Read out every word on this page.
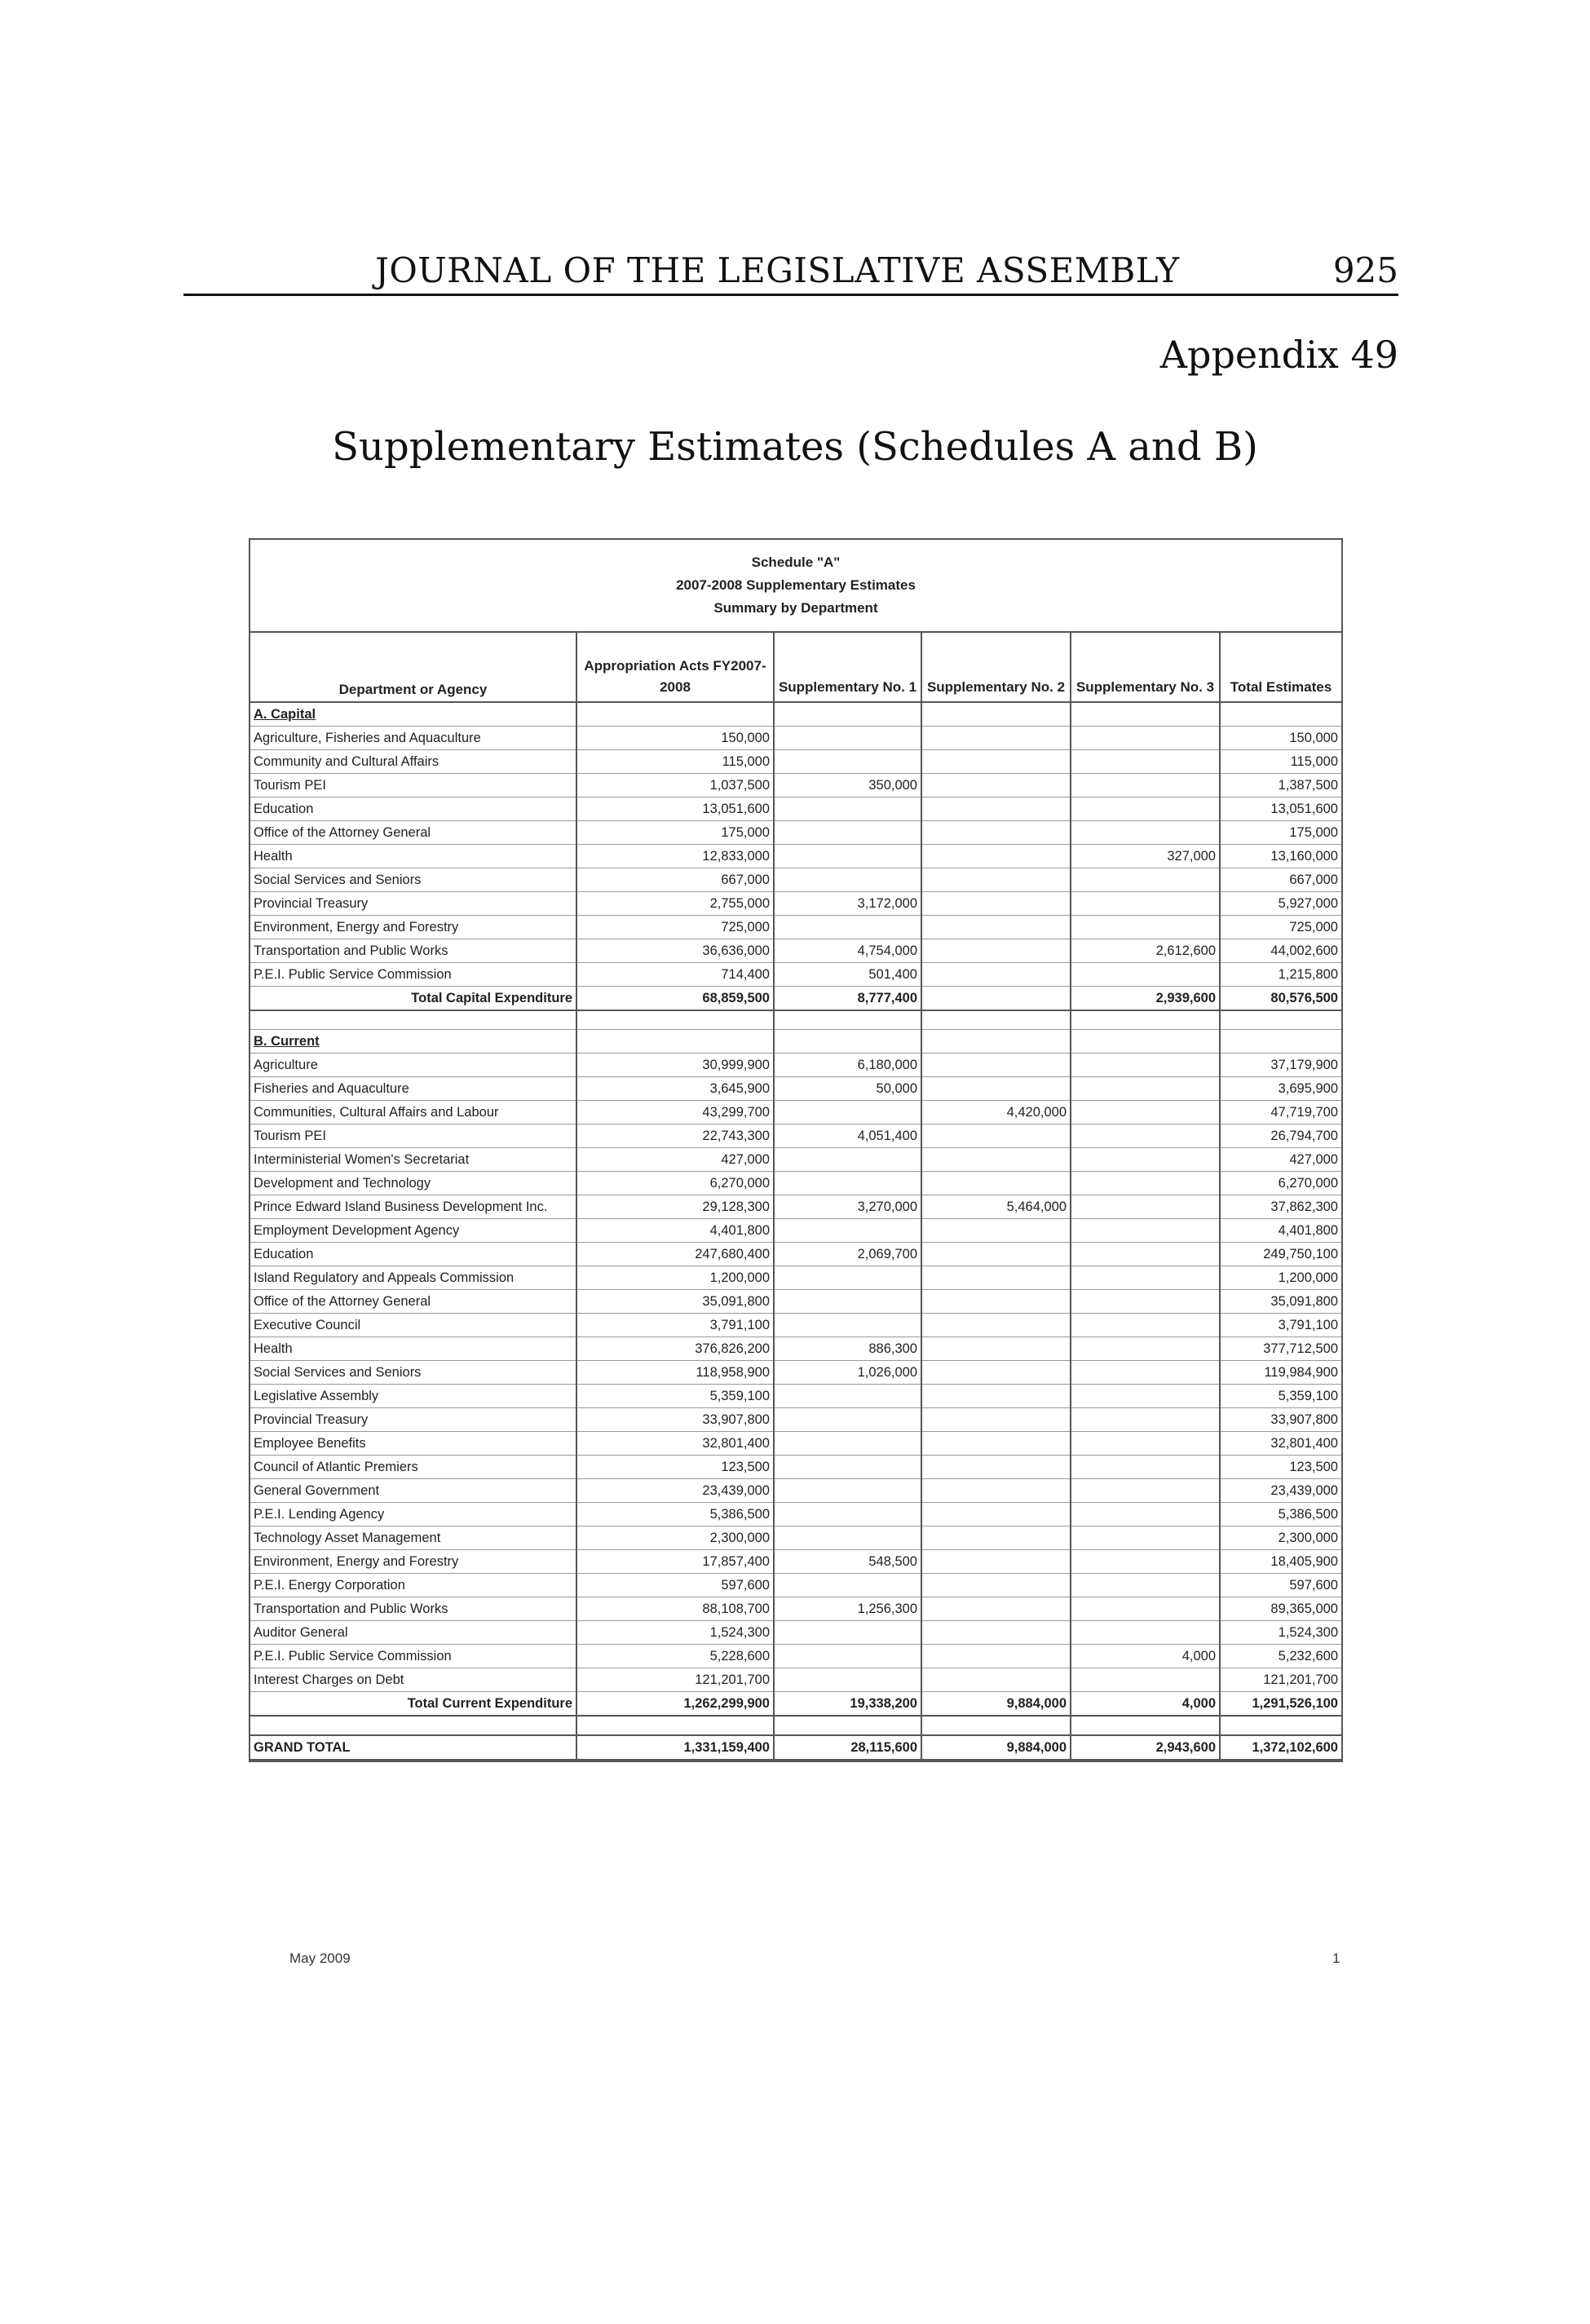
JOURNAL OF THE LEGISLATIVE ASSEMBLY	925
Appendix 49
Supplementary Estimates (Schedules A and B)
Schedule "A"
2007-2008 Supplementary Estimates
Summary by Department
Department or Agency	Appropriation Acts FY2007-2008	Supplementary No. 1	Supplementary No. 2	Supplementary No. 3	Total Estimates
A. Capital					
Agriculture, Fisheries and Aquaculture	150,000				150,000
Community and Cultural Affairs	115,000				115,000
Tourism PEI	1,037,500	350,000			1,387,500
Education	13,051,600				13,051,600
Office of the Attorney General	175,000				175,000
Health	12,833,000			327,000	13,160,000
Social Services and Seniors	667,000				667,000
Provincial Treasury	2,755,000	3,172,000			5,927,000
Environment, Energy and Forestry	725,000				725,000
Transportation and Public Works	36,636,000	4,754,000		2,612,600	44,002,600
P.E.I. Public Service Commission	714,400	501,400			1,215,800
Total Capital Expenditure	68,859,500	8,777,400		2,939,600	80,576,500

B. Current					
Agriculture	30,999,900	6,180,000			37,179,900
Fisheries and Aquaculture	3,645,900	50,000			3,695,900
Communities, Cultural Affairs and Labour	43,299,700		4,420,000		47,719,700
Tourism PEI	22,743,300	4,051,400			26,794,700
Interministerial Women's Secretariat	427,000				427,000
Development and Technology	6,270,000				6,270,000
Prince Edward Island Business Development Inc.	29,128,300	3,270,000	5,464,000		37,862,300
Employment Development Agency	4,401,800				4,401,800
Education	247,680,400	2,069,700			249,750,100
Island Regulatory and Appeals Commission	1,200,000				1,200,000
Office of the Attorney General	35,091,800				35,091,800
Executive Council	3,791,100				3,791,100
Health	376,826,200	886,300			377,712,500
Social Services and Seniors	118,958,900	1,026,000			119,984,900
Legislative Assembly	5,359,100				5,359,100
Provincial Treasury	33,907,800				33,907,800
Employee Benefits	32,801,400				32,801,400
Council of Atlantic Premiers	123,500				123,500
General Government	23,439,000				23,439,000
P.E.I. Lending Agency	5,386,500				5,386,500
Technology Asset Management	2,300,000				2,300,000
Environment, Energy and Forestry	17,857,400	548,500			18,405,900
P.E.I. Energy Corporation	597,600				597,600
Transportation and Public Works	88,108,700	1,256,300			89,365,000
Auditor General	1,524,300				1,524,300
P.E.I. Public Service Commission	5,228,600			4,000	5,232,600
Interest Charges on Debt	121,201,700				121,201,700
Total Current Expenditure	1,262,299,900	19,338,200	9,884,000	4,000	1,291,526,100

GRAND TOTAL	1,331,159,400	28,115,600	9,884,000	2,943,600	1,372,102,600
May 2009	1
